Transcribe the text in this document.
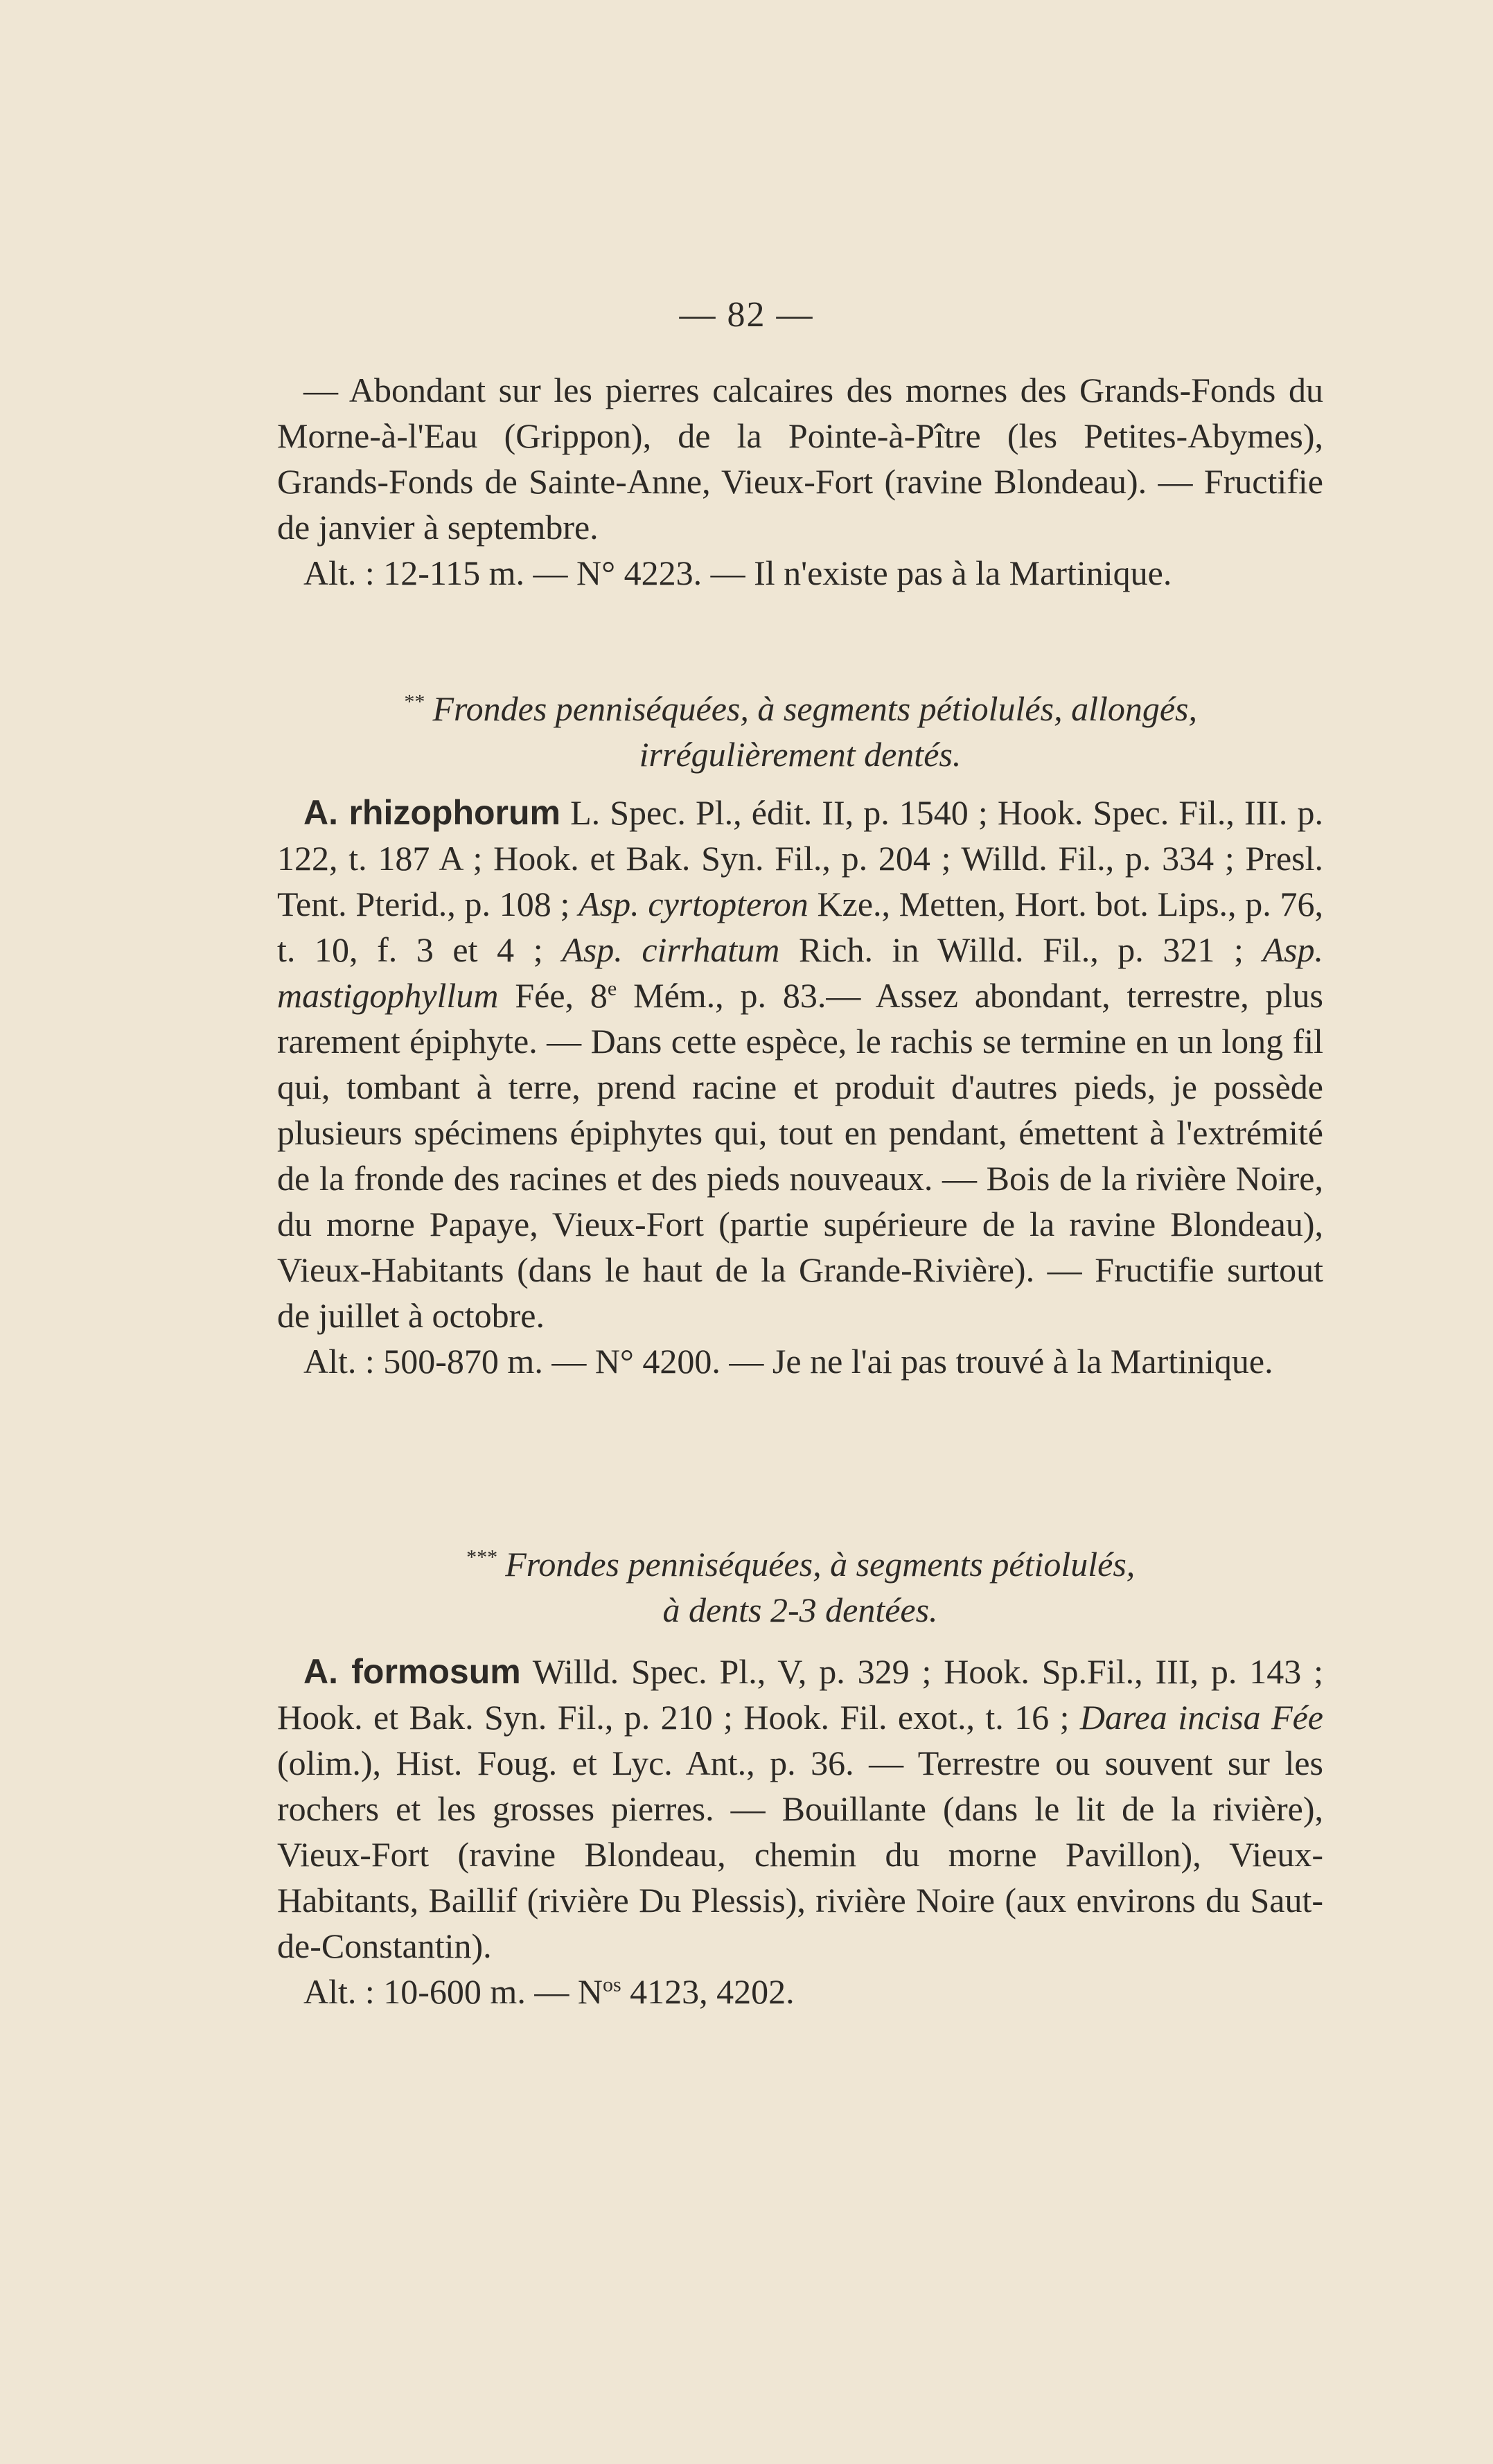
— 82 —

— Abondant sur les pierres calcaires des mornes des Grands-Fonds du Morne-à-l'Eau (Grippon), de la Pointe-à-Pître (les Petites-Abymes), Grands-Fonds de Sainte-Anne, Vieux-Fort (ravine Blondeau). — Fructifie de janvier à septembre.

Alt. : 12-115 m. — N° 4223. — Il n'existe pas à la Martinique.

** Frondes penniséquées, à segments pétiolulés, allongés,
irrégulièrement dentés.

A. rhizophorum L. Spec. Pl., édit. II, p. 1540 ; Hook. Spec. Fil., III. p. 122, t. 187 A ; Hook. et Bak. Syn. Fil., p. 204 ; Willd. Fil., p. 334 ; Presl. Tent. Pterid., p. 108 ; Asp. cyrtopteron Kze., Metten, Hort. bot. Lips., p. 76, t. 10, f. 3 et 4 ; Asp. cirrhatum Rich. in Willd. Fil., p. 321 ; Asp. mastigophyllum Fée, 8e Mém., p. 83.— Assez abondant, terrestre, plus rarement épiphyte. — Dans cette espèce, le rachis se termine en un long fil qui, tombant à terre, prend racine et produit d'autres pieds, je possède plusieurs spécimens épiphytes qui, tout en pendant, émettent à l'extrémité de la fronde des racines et des pieds nouveaux. — Bois de la rivière Noire, du morne Papaye, Vieux-Fort (partie supérieure de la ravine Blondeau), Vieux-Habitants (dans le haut de la Grande-Rivière). — Fructifie surtout de juillet à octobre.

Alt. : 500-870 m. — N° 4200. — Je ne l'ai pas trouvé à la Martinique.

*** Frondes penniséquées, à segments pétiolulés,
à dents 2-3 dentées.

A. formosum Willd. Spec. Pl., V, p. 329 ; Hook. Sp.Fil., III, p. 143 ; Hook. et Bak. Syn. Fil., p. 210 ; Hook. Fil. exot., t. 16 ; Darea incisa Fée (olim.), Hist. Foug. et Lyc. Ant., p. 36. — Terrestre ou souvent sur les rochers et les grosses pierres. — Bouillante (dans le lit de la rivière), Vieux-Fort (ravine Blondeau, chemin du morne Pavillon), Vieux-Habitants, Baillif (rivière Du Plessis), rivière Noire (aux environs du Saut-de-Constantin).

Alt. : 10-600 m. — $N^{os}$ 4123, 4202.
